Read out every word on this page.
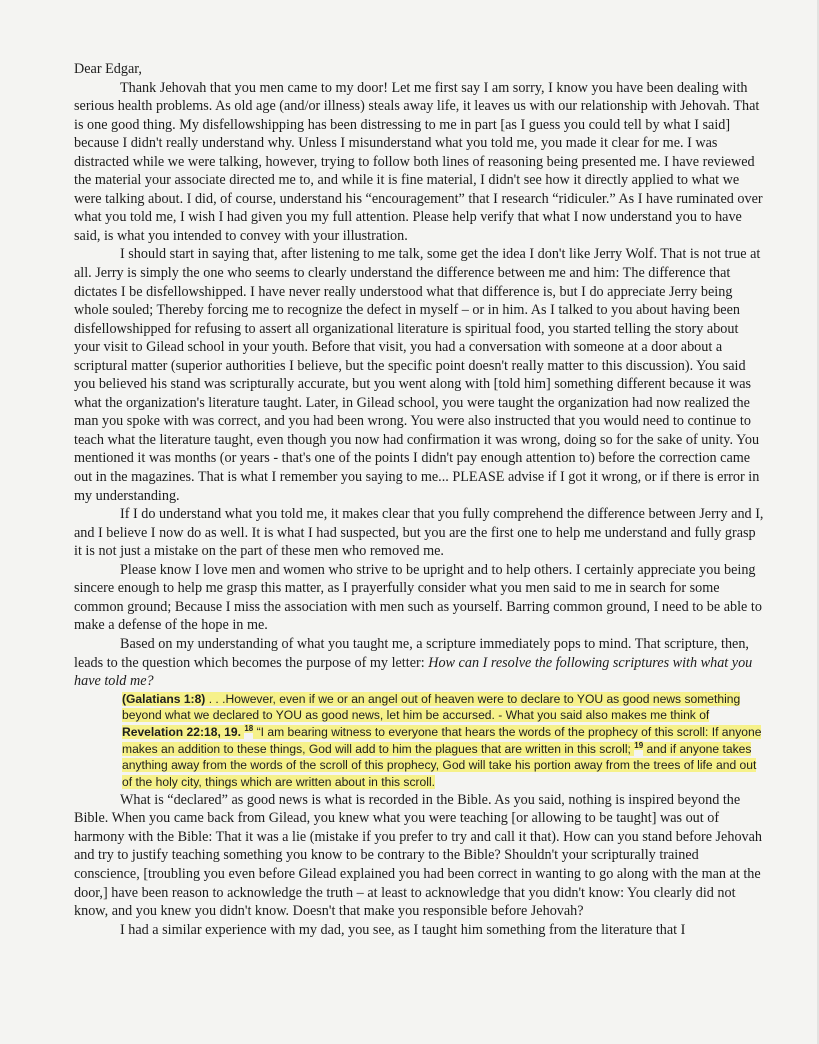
Dear Edgar,

Thank Jehovah that you men came to my door! Let me first say I am sorry, I know you have been dealing with serious health problems. As old age (and/or illness) steals away life, it leaves us with our relationship with Jehovah. That is one good thing. My disfellowshipping has been distressing to me in part [as I guess you could tell by what I said] because I didn't really understand why. Unless I misunderstand what you told me, you made it clear for me. I was distracted while we were talking, however, trying to follow both lines of reasoning being presented me. I have reviewed the material your associate directed me to, and while it is fine material, I didn't see how it directly applied to what we were talking about. I did, of course, understand his “encouragement” that I research “ridiculer.” As I have ruminated over what you told me, I wish I had given you my full attention. Please help verify that what I now understand you to have said, is what you intended to convey with your illustration.

I should start in saying that, after listening to me talk, some get the idea I don't like Jerry Wolf. That is not true at all. Jerry is simply the one who seems to clearly understand the difference between me and him: The difference that dictates I be disfellowshipped. I have never really understood what that difference is, but I do appreciate Jerry being whole souled; Thereby forcing me to recognize the defect in myself – or in him. As I talked to you about having been disfellowshipped for refusing to assert all organizational literature is spiritual food, you started telling the story about your visit to Gilead school in your youth. Before that visit, you had a conversation with someone at a door about a scriptural matter (superior authorities I believe, but the specific point doesn't really matter to this discussion). You said you believed his stand was scripturally accurate, but you went along with [told him] something different because it was what the organization's literature taught. Later, in Gilead school, you were taught the organization had now realized the man you spoke with was correct, and you had been wrong. You were also instructed that you would need to continue to teach what the literature taught, even though you now had confirmation it was wrong, doing so for the sake of unity. You mentioned it was months (or years - that's one of the points I didn't pay enough attention to) before the correction came out in the magazines. That is what I remember you saying to me... PLEASE advise if I got it wrong, or if there is error in my understanding.

If I do understand what you told me, it makes clear that you fully comprehend the difference between Jerry and I, and I believe I now do as well. It is what I had suspected, but you are the first one to help me understand and fully grasp it is not just a mistake on the part of these men who removed me.

Please know I love men and women who strive to be upright and to help others. I certainly appreciate you being sincere enough to help me grasp this matter, as I prayerfully consider what you men said to me in search for some common ground; Because I miss the association with men such as yourself. Barring common ground, I need to be able to make a defense of the hope in me.

Based on my understanding of what you taught me, a scripture immediately pops to mind. That scripture, then, leads to the question which becomes the purpose of my letter: How can I resolve the following scriptures with what you have told me?

(Galatians 1:8) . . .However, even if we or an angel out of heaven were to declare to YOU as good news something beyond what we declared to YOU as good news, let him be accursed. - What you said also makes me think of Revelation 22:18, 19. $^{18}$ “I am bearing witness to everyone that hears the words of the prophecy of this scroll: If anyone makes an addition to these things, God will add to him the plagues that are written in this scroll; $^{19}$ and if anyone takes anything away from the words of the scroll of this prophecy, God will take his portion away from the trees of life and out of the holy city, things which are written about in this scroll.

What is “declared” as good news is what is recorded in the Bible. As you said, nothing is inspired beyond the Bible. When you came back from Gilead, you knew what you were teaching [or allowing to be taught] was out of harmony with the Bible: That it was a lie (mistake if you prefer to try and call it that). How can you stand before Jehovah and try to justify teaching something you know to be contrary to the Bible? Shouldn't your scripturally trained conscience, [troubling you even before Gilead explained you had been correct in wanting to go along with the man at the door,] have been reason to acknowledge the truth – at least to acknowledge that you didn't know: You clearly did not know, and you knew you didn't know. Doesn't that make you responsible before Jehovah?

I had a similar experience with my dad, you see, as I taught him something from the literature that I
